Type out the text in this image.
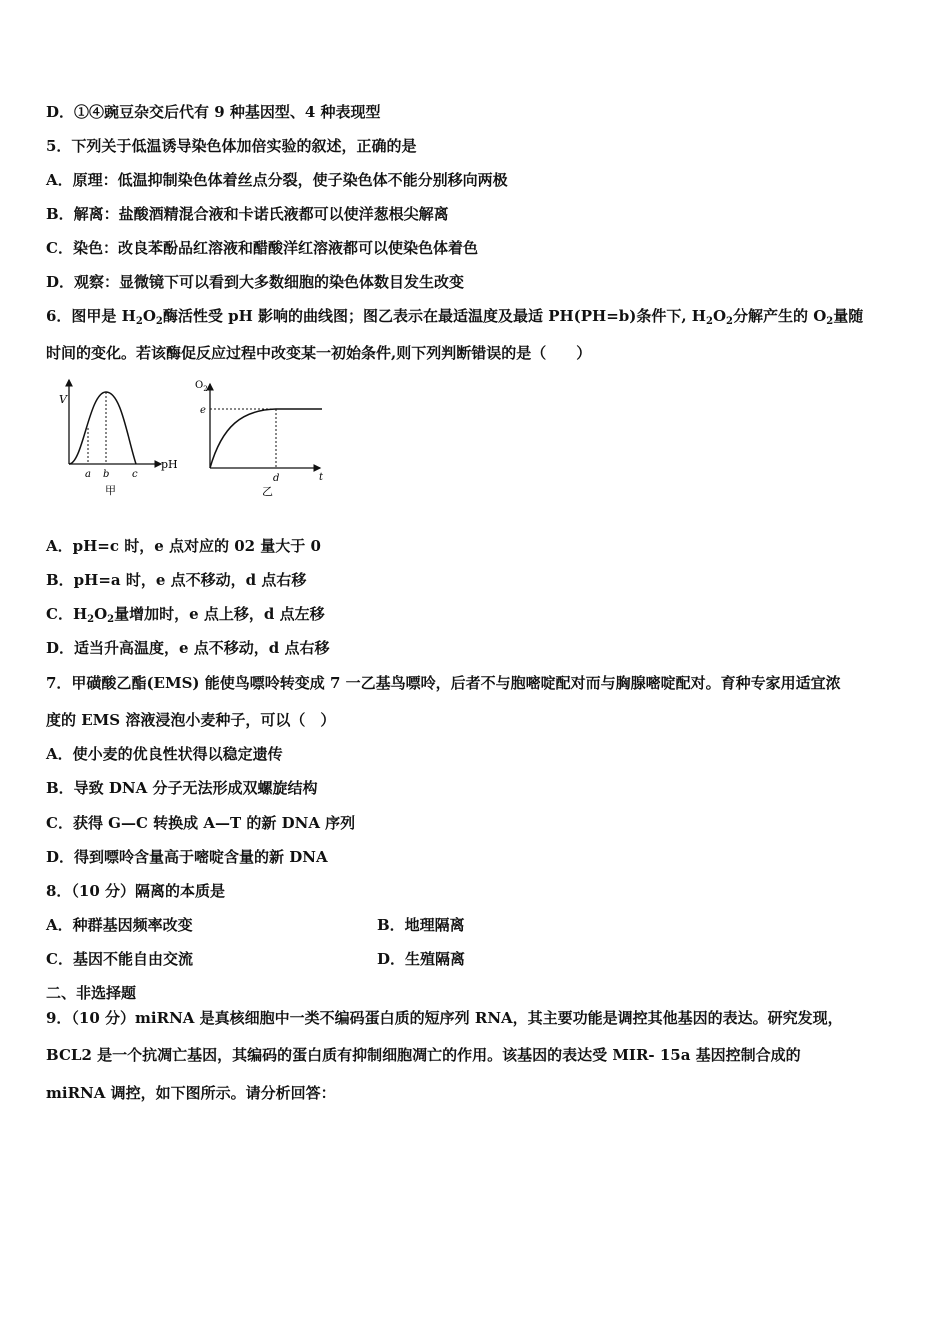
D．①④豌豆杂交后代有 9 种基因型、4 种表现型
5．下列关于低温诱导染色体加倍实验的叙述，正确的是
A．原理：低温抑制染色体着丝点分裂，使子染色体不能分别移向两极
B．解离：盐酸酒精混合液和卡诺氏液都可以使洋葱根尖解离
C．染色：改良苯酚品红溶液和醋酸洋红溶液都可以使染色体着色
D．观察：显微镜下可以看到大多数细胞的染色体数目发生改变
6．图甲是 $H_2O_2$酶活性受 pH 影响的曲线图；图乙表示在最适温度及最适 PH(PH=b)条件下, $H_2O_2$分解产生的 $O_2$量随
时间的变化。若该酶促反应过程中改变某一初始条件,则下列判断错误的是（　　）
V
pH
a b c
甲
$O_2$
e
d	t
乙
A．pH=c 时，e 点对应的 02 量大于 0
B．pH=a 时，e 点不移动，d 点右移
C．$H_2O_2$量增加时，e 点上移，d 点左移
D．适当升高温度，e 点不移动，d 点右移
7．甲磺酸乙酯(EMS) 能使鸟嘌呤转变成 7 一乙基鸟嘌呤，后者不与胞嘧啶配对而与胸腺嘧啶配对。育种专家用适宜浓
度的 EMS 溶液浸泡小麦种子，可以（　）
A．使小麦的优良性状得以稳定遗传
B．导致 DNA 分子无法形成双螺旋结构
C．获得 G—C 转换成 A—T 的新 DNA 序列
D．得到嘌呤含量高于嘧啶含量的新 DNA
8．（10 分）隔离的本质是
A．种群基因频率改变	B．地理隔离
C．基因不能自由交流	D．生殖隔离
二、非选择题
9．（10 分）miRNA 是真核细胞中一类不编码蛋白质的短序列 RNA，其主要功能是调控其他基因的表达。研究发现，
BCL2 是一个抗凋亡基因，其编码的蛋白质有抑制细胞凋亡的作用。该基因的表达受 MIR- 15a 基因控制合成的
miRNA 调控，如下图所示。请分析回答：
